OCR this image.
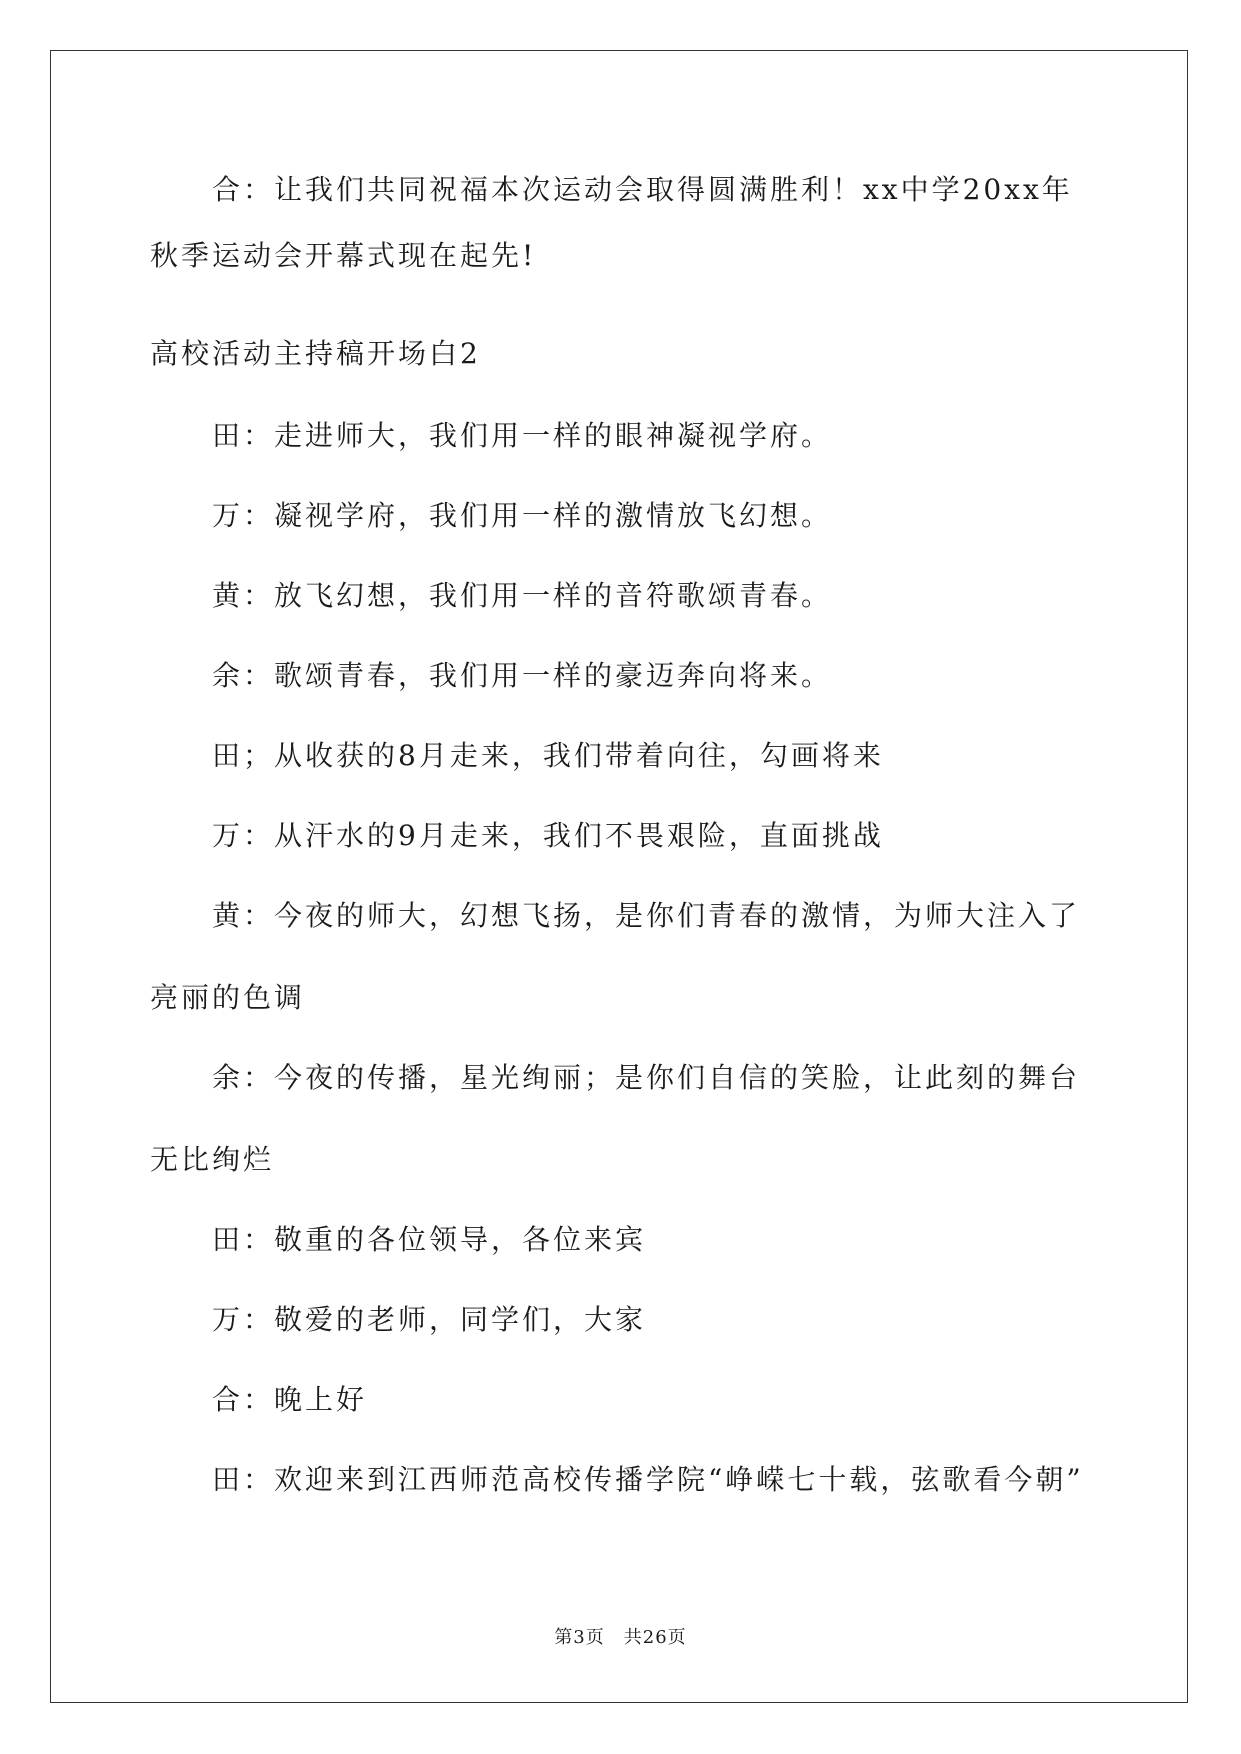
合：让我们共同祝福本次运动会取得圆满胜利！xx中学20xx年
秋季运动会开幕式现在起先!
高校活动主持稿开场白2
田：走进师大，我们用一样的眼神凝视学府。
万：凝视学府，我们用一样的激情放飞幻想。
黄：放飞幻想，我们用一样的音符歌颂青春。
余：歌颂青春，我们用一样的豪迈奔向将来。
田；从收获的8月走来，我们带着向往，勾画将来
万：从汗水的9月走来，我们不畏艰险，直面挑战
黄：今夜的师大，幻想飞扬，是你们青春的激情，为师大注入了
亮丽的色调
余：今夜的传播，星光绚丽；是你们自信的笑脸，让此刻的舞台
无比绚烂
田：敬重的各位领导，各位来宾
万：敬爱的老师，同学们，大家
合：晚上好
田：欢迎来到江西师范高校传播学院“峥嵘七十载，弦歌看今朝”
第3页　共26页
